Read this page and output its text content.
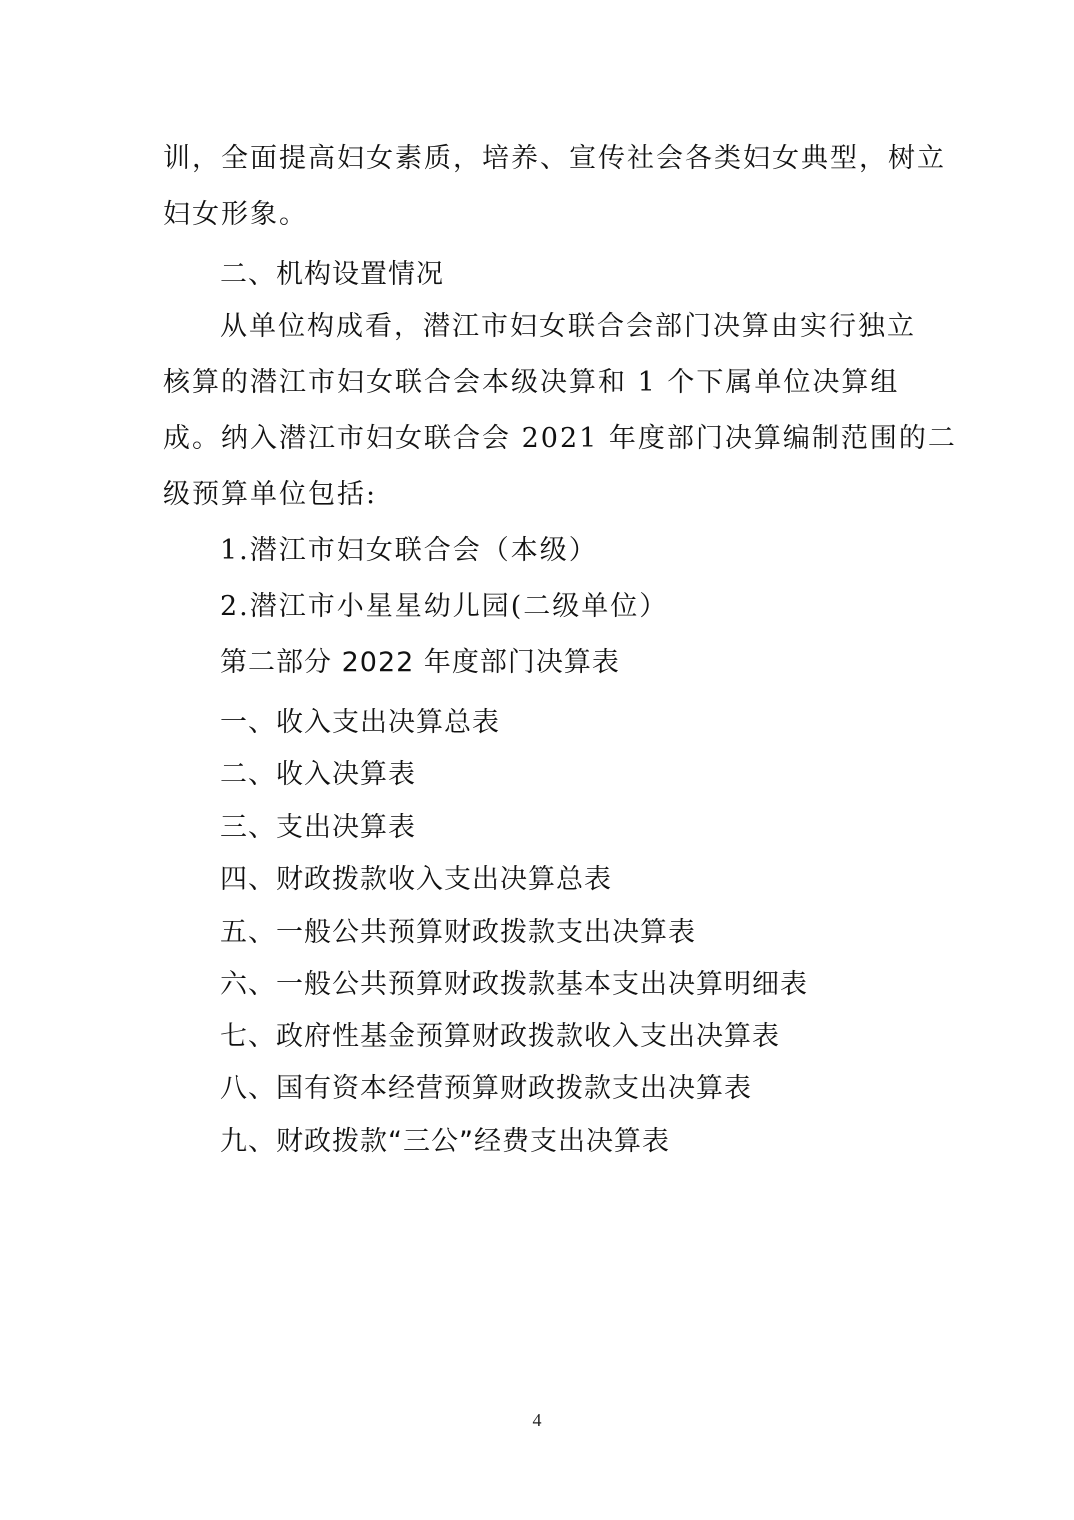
训，全面提高妇女素质，培养、宣传社会各类妇女典型，树立
妇女形象。
二、机构设置情况
从单位构成看，潜江市妇女联合会部门决算由实行独立
核算的潜江市妇女联合会本级决算和 1 个下属单位决算组
成。纳入潜江市妇女联合会 2021 年度部门决算编制范围的二
级预算单位包括:
1.潜江市妇女联合会（本级）
2.潜江市小星星幼儿园(二级单位）
第二部分 2022 年度部门决算表
一、收入支出决算总表
二、收入决算表
三、支出决算表
四、财政拨款收入支出决算总表
五、一般公共预算财政拨款支出决算表
六、一般公共预算财政拨款基本支出决算明细表
七、政府性基金预算财政拨款收入支出决算表
八、国有资本经营预算财政拨款支出决算表
九、财政拨款“三公”经费支出决算表
4
